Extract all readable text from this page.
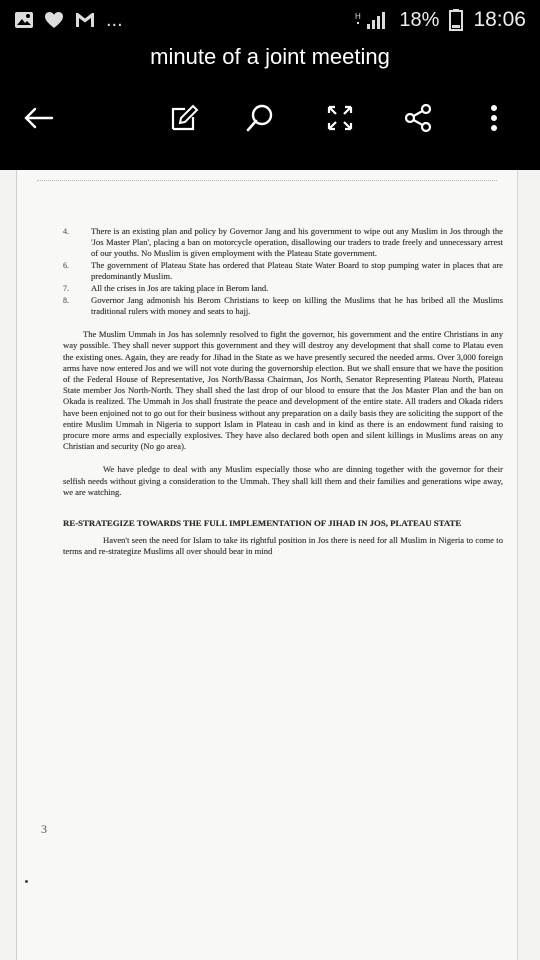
...	H 18% 18:06
minute of a joint meeting
4.	There is an existing plan and policy by Governor Jang and his government to wipe out any Muslim in Jos through the 'Jos Master Plan', placing a ban on motorcycle operation, disallowing our traders to trade freely and unnecessary arrest of our youths. No Muslim is given employment with the Plateau State government.
6.	The government of Plateau State has ordered that Plateau State Water Board to stop pumping water in places that are predominantly Muslim.
7.	All the crises in Jos are taking place in Berom land.
8.	Governor Jang admonish his Berom Christians to keep on killing the Muslims that he has bribed all the Muslims traditional rulers with money and seats to hajj.

The Muslim Ummah in Jos has solemnly resolved to fight the governor, his government and the entire Christians in any way possible. They shall never support this government and they will destroy any development that shall come to Platau even the existing ones. Again, they are ready for Jihad in the State as we have presently secured the needed arms. Over 3,000 foreign arms have now entered Jos and we will not vote during the governorship election. But we shall ensure that we have the position of the Federal House of Representative, Jos North/Bassa Chairman, Jos North, Senator Representing Plateau North, Plateau State member Jos North-North. They shall shed the last drop of our blood to ensure that the Jos Master Plan and the ban on Okada is realized. The Ummah in Jos shall frustrate the peace and development of the entire state. All traders and Okada riders have been enjoined not to go out for their business without any preparation on a daily basis they are soliciting the support of the entire Muslim Ummah in Nigeria to support Islam in Plateau in cash and in kind as there is an endowment fund raising to procure more arms and especially explosives. They have also declared both open and silent killings in Muslims areas on any Christian and security (No go area).

We have pledge to deal with any Muslim especially those who are dinning together with the governor for their selfish needs without giving a consideration to the Ummah. They shall kill them and their families and generations wipe away, we are watching.

RE-STRATEGIZE TOWARDS THE FULL IMPLEMENTATION OF JIHAD IN JOS, PLATEAU STATE

Haven't seen the need for Islam to take its rightful position in Jos there is need for all Muslim in Nigeria to come to terms and re-strategize Muslims all over should bear in mind

3
